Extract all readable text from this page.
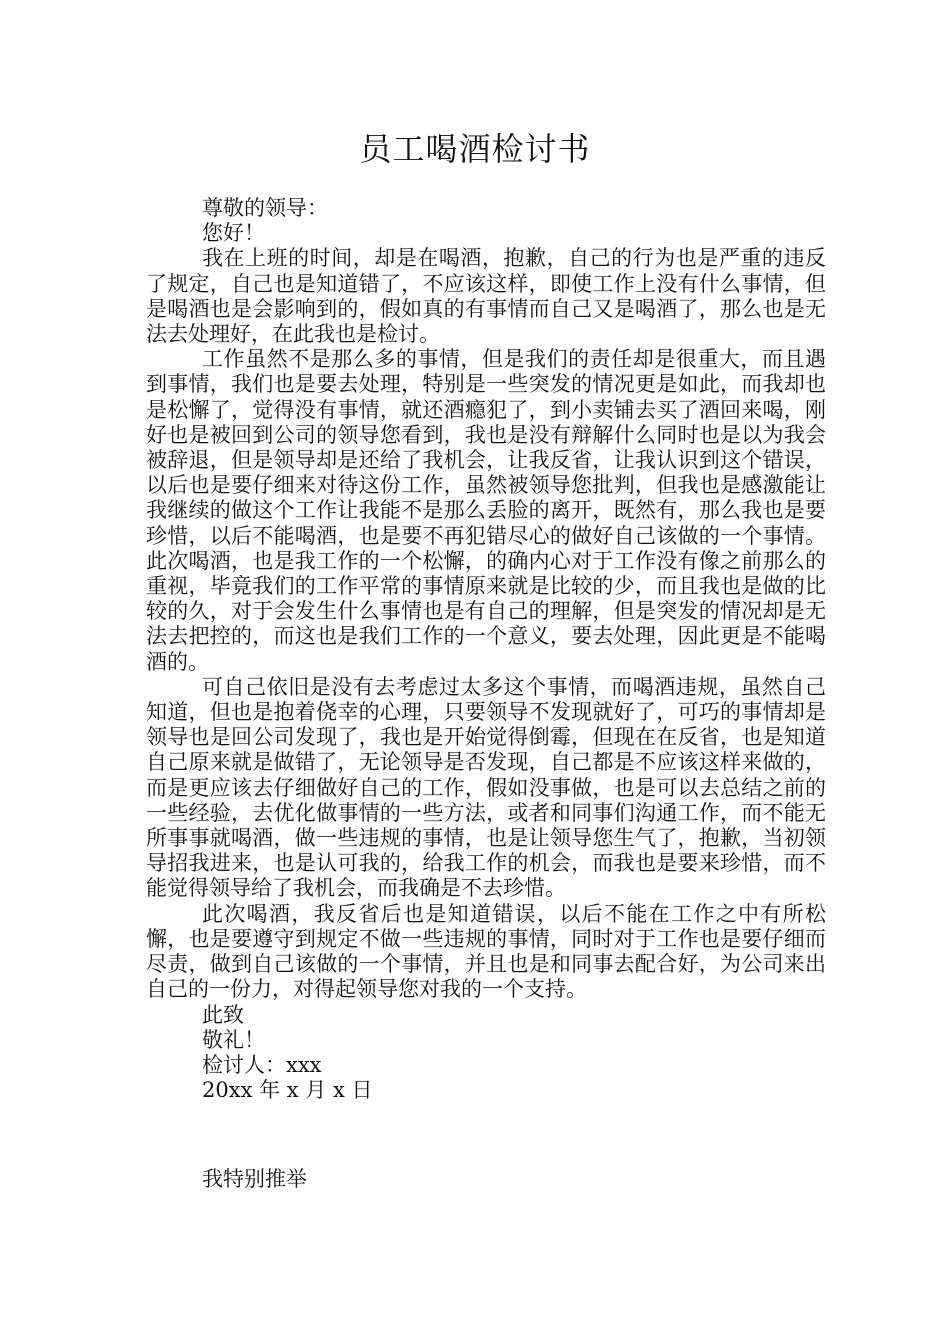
员工喝酒检讨书

尊敬的领导：

您好！

我在上班的时间，却是在喝酒，抱歉，自己的行为也是严重的违反了规定，自己也是知道错了，不应该这样，即使工作上没有什么事情，但是喝酒也是会影响到的，假如真的有事情而自己又是喝酒了，那么也是无法去处理好，在此我也是检讨。

工作虽然不是那么多的事情，但是我们的责任却是很重大，而且遇到事情，我们也是要去处理，特别是一些突发的情况更是如此，而我却也是松懈了，觉得没有事情，就还酒瘾犯了，到小卖铺去买了酒回来喝，刚好也是被回到公司的领导您看到，我也是没有辩解什么同时也是以为我会被辞退，但是领导却是还给了我机会，让我反省，让我认识到这个错误，以后也是要仔细来对待这份工作，虽然被领导您批判，但我也是感激能让我继续的做这个工作让我能不是那么丢脸的离开，既然有，那么我也是要珍惜，以后不能喝酒，也是要不再犯错尽心的做好自己该做的一个事情。此次喝酒，也是我工作的一个松懈，的确内心对于工作没有像之前那么的重视，毕竟我们的工作平常的事情原来就是比较的少，而且我也是做的比较的久，对于会发生什么事情也是有自己的理解，但是突发的情况却是无法去把控的，而这也是我们工作的一个意义，要去处理，因此更是不能喝酒的。

可自己依旧是没有去考虑过太多这个事情，而喝酒违规，虽然自己知道，但也是抱着侥幸的心理，只要领导不发现就好了，可巧的事情却是领导也是回公司发现了，我也是开始觉得倒霉，但现在在反省，也是知道自己原来就是做错了，无论领导是否发现，自己都是不应该这样来做的，而是更应该去仔细做好自己的工作，假如没事做，也是可以去总结之前的一些经验，去优化做事情的一些方法，或者和同事们沟通工作，而不能无所事事就喝酒，做一些违规的事情，也是让领导您生气了，抱歉，当初领导招我进来，也是认可我的，给我工作的机会，而我也是要来珍惜，而不能觉得领导给了我机会，而我确是不去珍惜。

此次喝酒，我反省后也是知道错误，以后不能在工作之中有所松懈，也是要遵守到规定不做一些违规的事情，同时对于工作也是要仔细而尽责，做到自己该做的一个事情，并且也是和同事去配合好，为公司来出自己的一份力，对得起领导您对我的一个支持。

此致

敬礼！

检讨人：xxx

20xx 年 x 月 x 日

我特别推举
